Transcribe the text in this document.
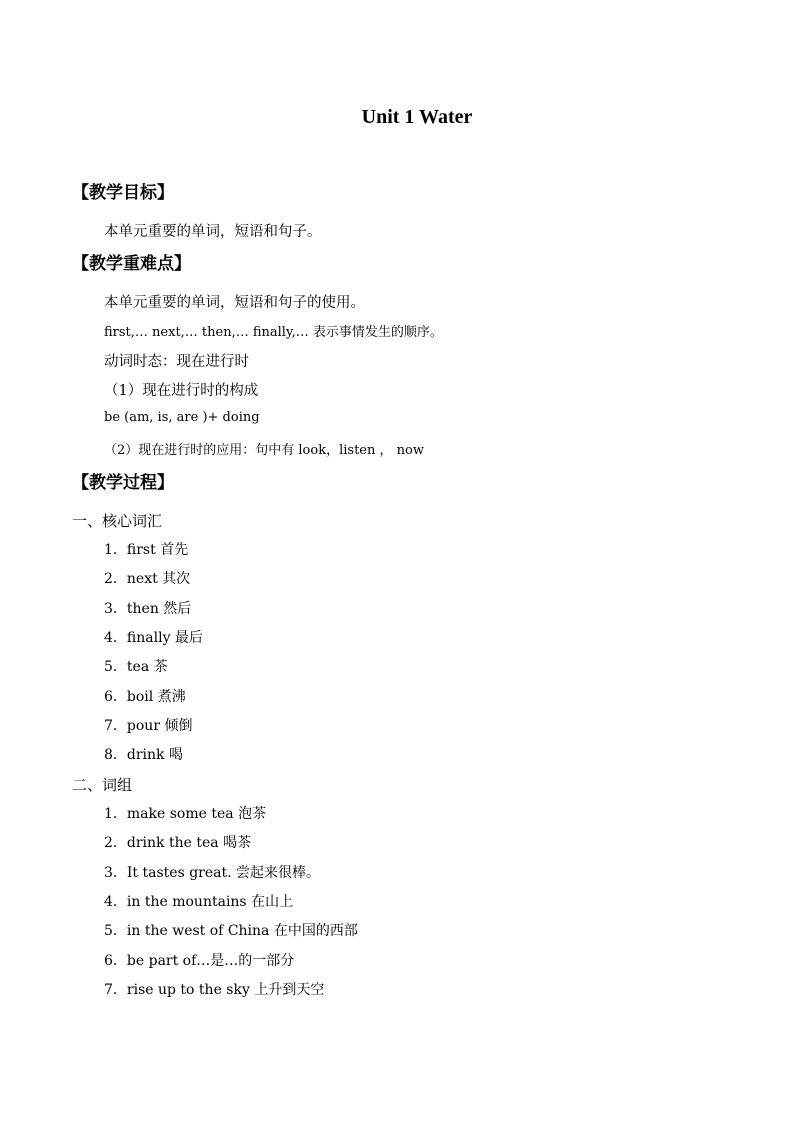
Unit 1 Water
【教学目标】
本单元重要的单词，短语和句子。
【教学重难点】
本单元重要的单词，短语和句子的使用。
first,… next,… then,… finally,… 表示事情发生的顺序。
动词时态：现在进行时
（1）现在进行时的构成
be (am, is, are )+ doing
（2）现在进行时的应用：句中有 look，listen ， now
【教学过程】
一、核心词汇
1．first 首先
2．next 其次
3．then 然后
4．finally 最后
5．tea 茶
6．boil 煮沸
7．pour 倾倒
8．drink 喝
二、词组
1．make some tea 泡茶
2．drink the tea 喝茶
3．It tastes great. 尝起来很棒。
4．in the mountains 在山上
5．in the west of China 在中国的西部
6．be part of…是…的一部分
7．rise up to the sky 上升到天空
